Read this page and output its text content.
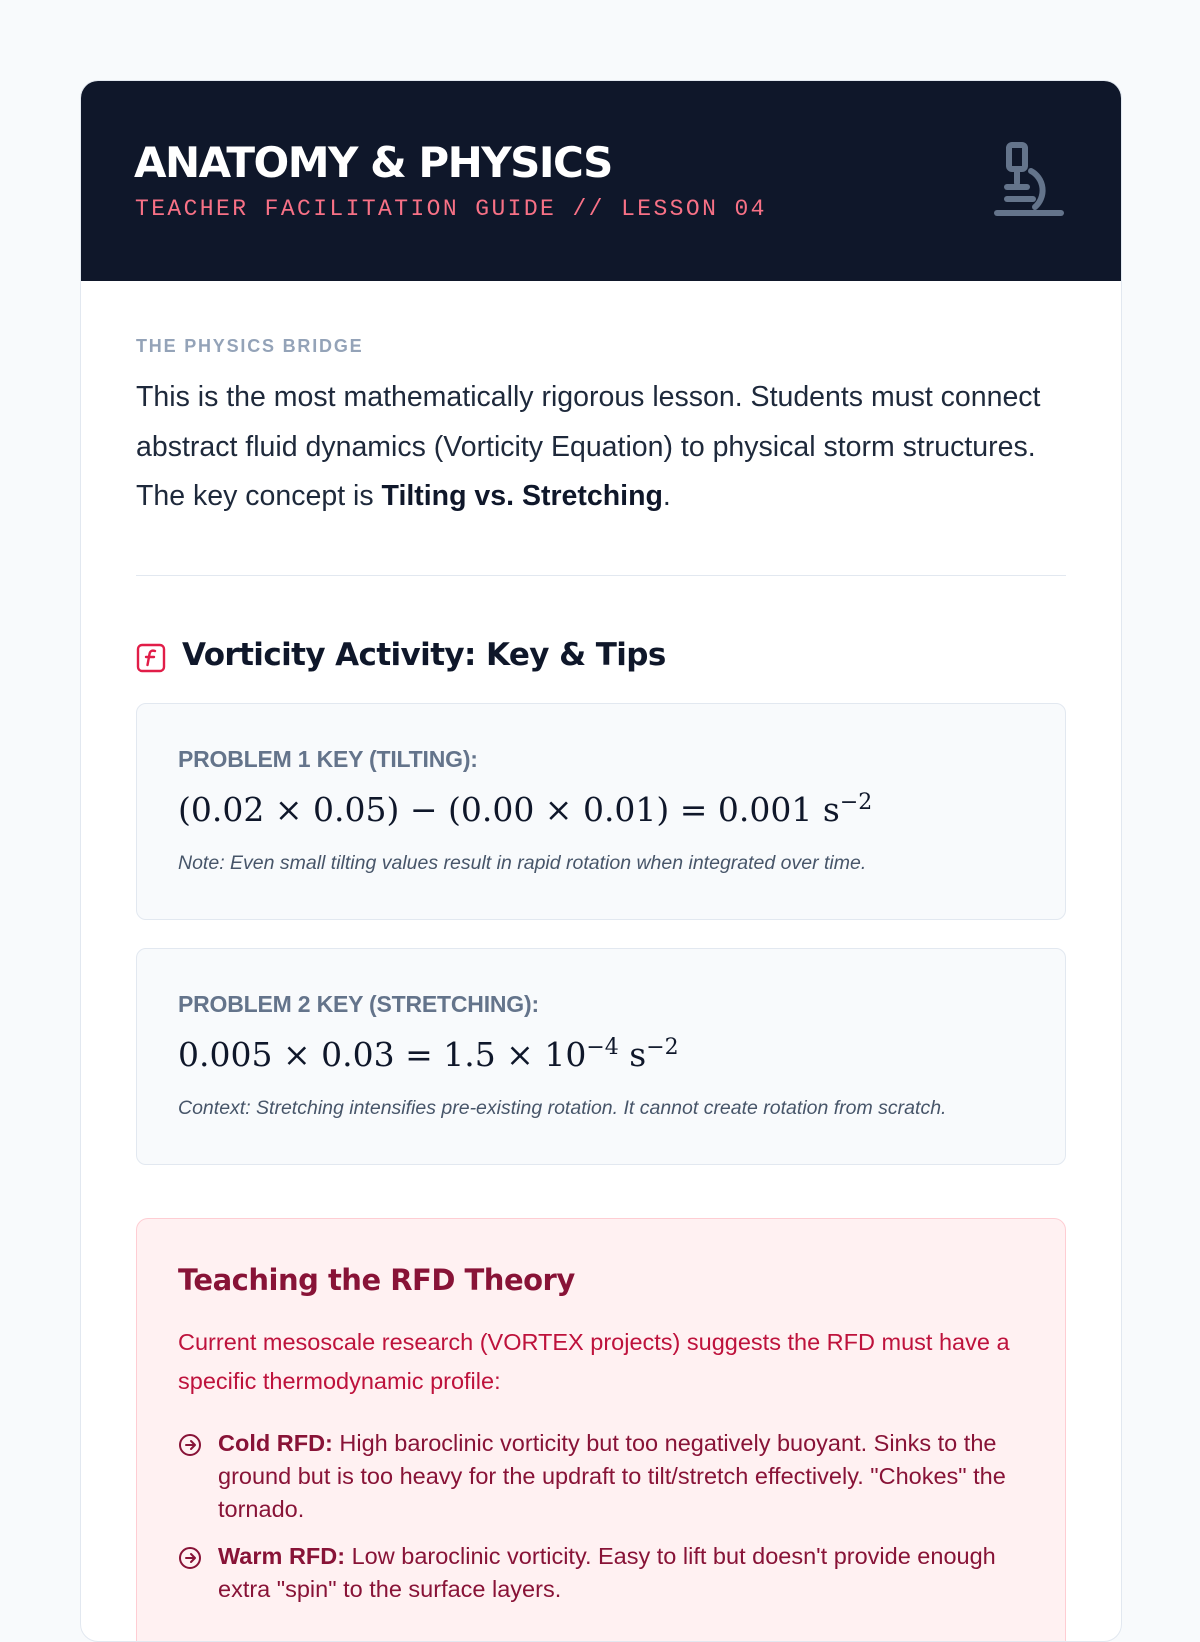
ANATOMY & PHYSICS

TEACHER FACILITATION GUIDE // LESSON 04

THE PHYSICS BRIDGE

This is the most mathematically rigorous lesson. Students must connect abstract fluid dynamics (Vorticity Equation) to physical storm structures. The key concept is Tilting vs. Stretching.

Vorticity Activity: Key & Tips

PROBLEM 1 KEY (TILTING):

(0.02 × 0.05) − (0.00 × 0.01) = 0.001 $s^{-2}$

Note: Even small tilting values result in rapid rotation when integrated over time.

PROBLEM 2 KEY (STRETCHING):

$0.005 \times 0.03 = 1.5 \times 10^{-4}$ $s^{-2}$

Context: Stretching intensifies pre-existing rotation. It cannot create rotation from scratch.

Teaching the RFD Theory

Current mesoscale research (VORTEX projects) suggests the RFD must have a specific thermodynamic profile:

Cold RFD: High baroclinic vorticity but too negatively buoyant. Sinks to the ground but is too heavy for the updraft to tilt/stretch effectively. "Chokes" the tornado.
Warm RFD: Low baroclinic vorticity. Easy to lift but doesn't provide enough extra "spin" to the surface layers.
